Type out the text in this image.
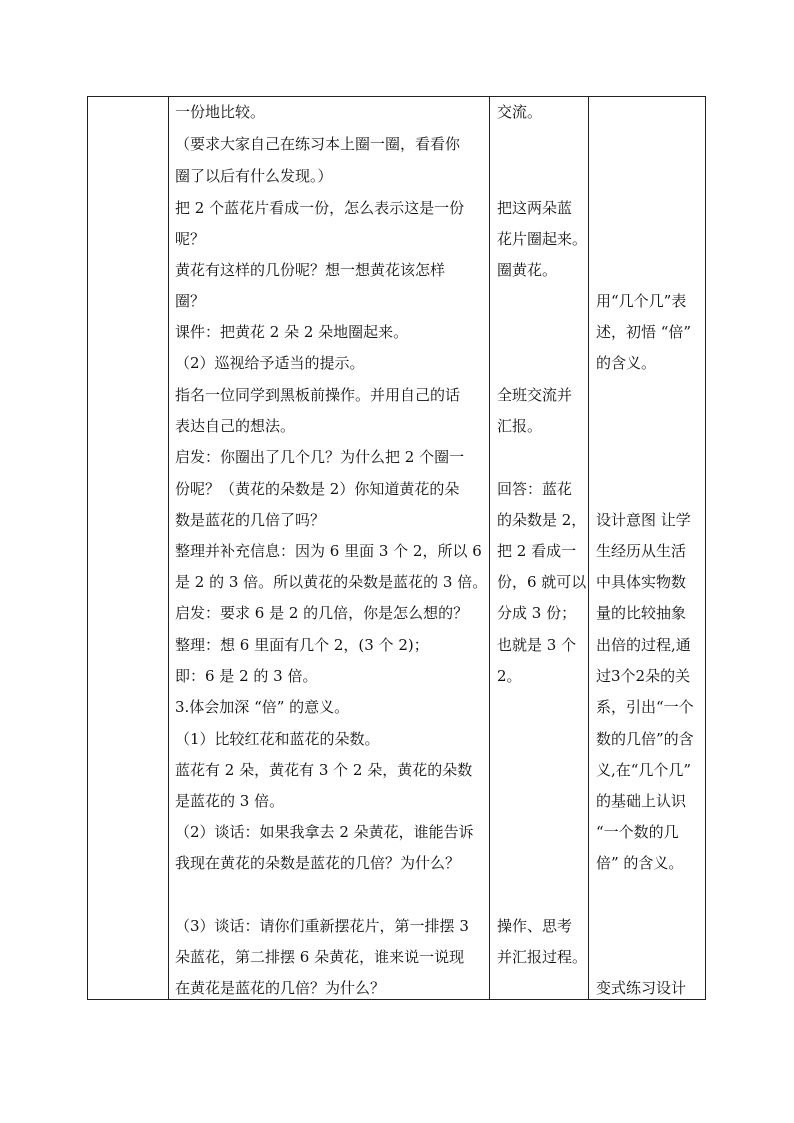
一份地比较。
（要求大家自己在练习本上圈一圈，看看你
圈了以后有什么发现。）
把 2 个蓝花片看成一份，怎么表示这是一份
呢？
黄花有这样的几份呢？想一想黄花该怎样
圈？
课件：把黄花 2 朵 2 朵地圈起来。
（2）巡视给予适当的提示。
指名一位同学到黑板前操作。并用自己的话
表达自己的想法。
启发：你圈出了几个几？为什么把 2 个圈一
份呢？（黄花的朵数是 2）你知道黄花的朵
数是蓝花的几倍了吗？
整理并补充信息：因为 6 里面 3 个 2，所以 6
是 2 的 3 倍。所以黄花的朵数是蓝花的 3 倍。
启发：要求 6 是 2 的几倍，你是怎么想的？
整理：想 6 里面有几个 2，(3 个 2)；
即：6 是 2 的 3 倍。
3.体会加深 “倍” 的意义。
（1）比较红花和蓝花的朵数。
蓝花有 2 朵，黄花有 3 个 2 朵，黄花的朵数
是蓝花的 3 倍。
（2）谈话：如果我拿去 2 朵黄花，谁能告诉
我现在黄花的朵数是蓝花的几倍？为什么？
（3）谈话：请你们重新摆花片，第一排摆 3
朵蓝花，第二排摆 6 朵黄花，谁来说一说现
在黄花是蓝花的几倍？为什么？
交流。
把这两朵蓝
花片圈起来。
圈黄花。
全班交流并
汇报。
回答：蓝花
的朵数是 2，
把 2 看成一
份，6 就可以
分成 3 份；
也就是 3 个
2。
操作、思考
并汇报过程。
用“几个几”表
述，初悟 “倍”
的含义。
设计意图 让学
生经历从生活
中具体实物数
量的比较抽象
出倍的过程,通
过3个2朵的关
系，引出“一个
数的几倍”的含
义,在“几个几”
的基础上认识
“一个数的几
倍” 的含义。
变式练习设计
